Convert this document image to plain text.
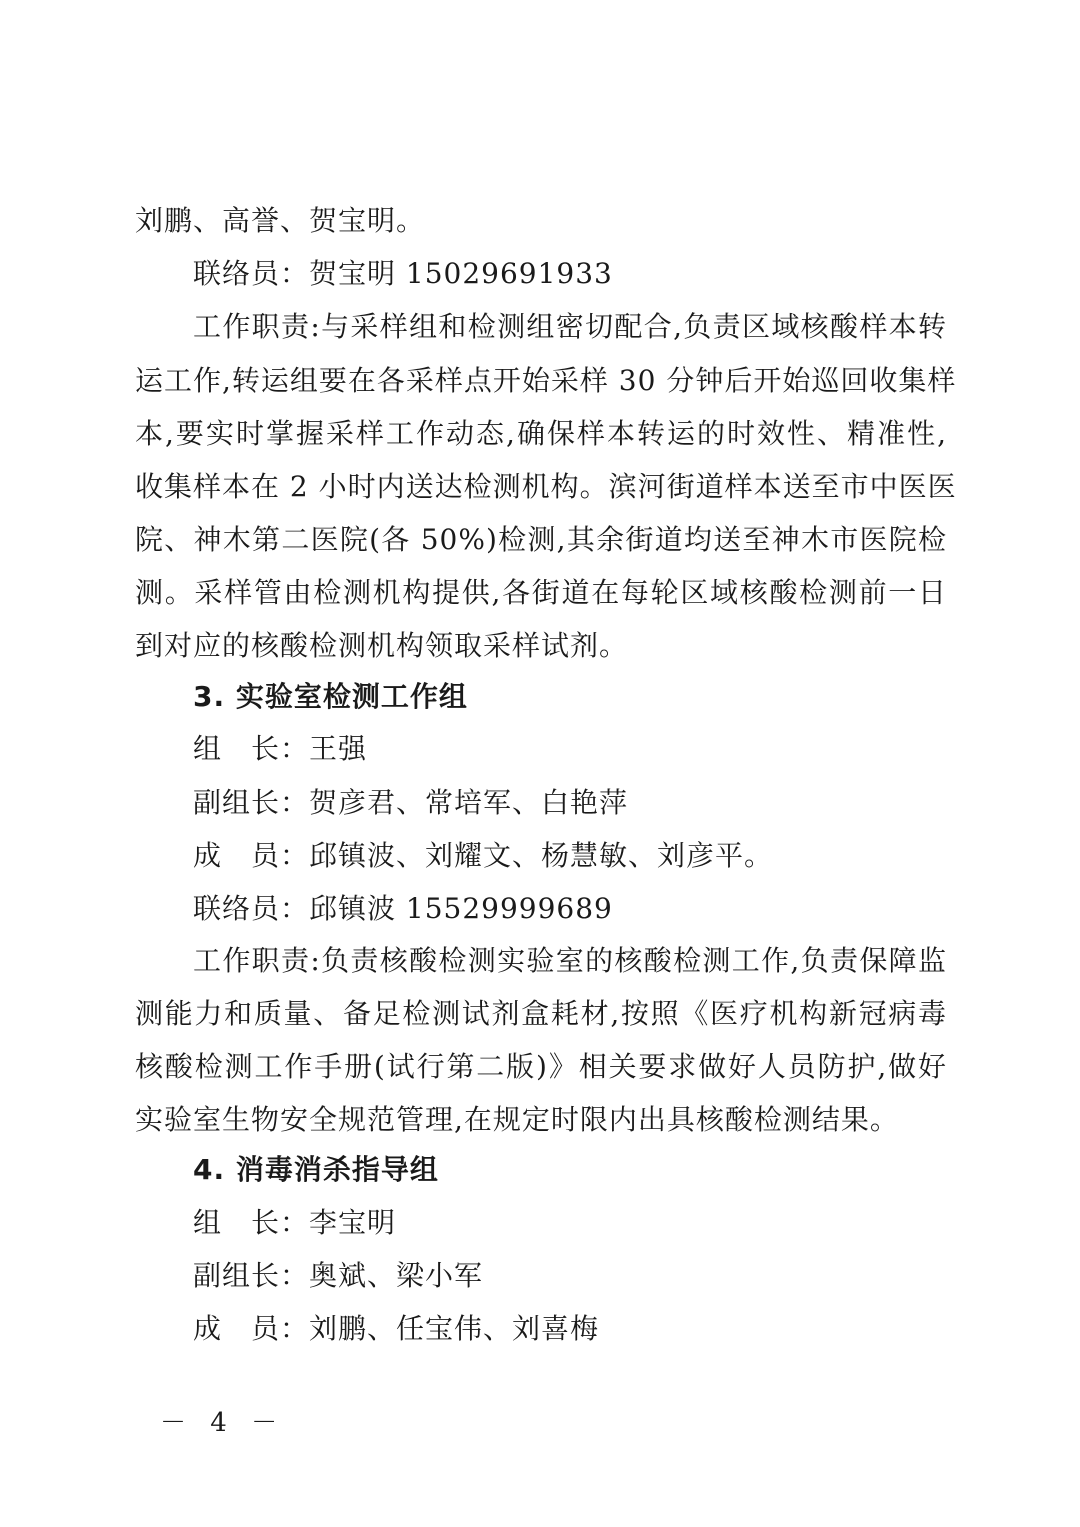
刘鹏、高誉、贺宝明。
联络员：贺宝明 15029691933
工作职责:与采样组和检测组密切配合,负责区域核酸样本转
运工作,转运组要在各采样点开始采样 30 分钟后开始巡回收集样
本,要实时掌握采样工作动态,确保样本转运的时效性、精准性,
收集样本在 2 小时内送达检测机构。滨河街道样本送至市中医医
院、神木第二医院(各 50%)检测,其余街道均送至神木市医院检
测。采样管由检测机构提供,各街道在每轮区域核酸检测前一日
到对应的核酸检测机构领取采样试剂。
3. 实验室检测工作组
组　长：王强
副组长：贺彦君、常培军、白艳萍
成　员：邱镇波、刘耀文、杨慧敏、刘彦平。
联络员：邱镇波 15529999689
工作职责:负责核酸检测实验室的核酸检测工作,负责保障监
测能力和质量、备足检测试剂盒耗材,按照《医疗机构新冠病毒
核酸检测工作手册(试行第二版)》相关要求做好人员防护,做好
实验室生物安全规范管理,在规定时限内出具核酸检测结果。
4. 消毒消杀指导组
组　长：李宝明
副组长：奥斌、梁小军
成　员：刘鹏、任宝伟、刘喜梅
－ 4 －
